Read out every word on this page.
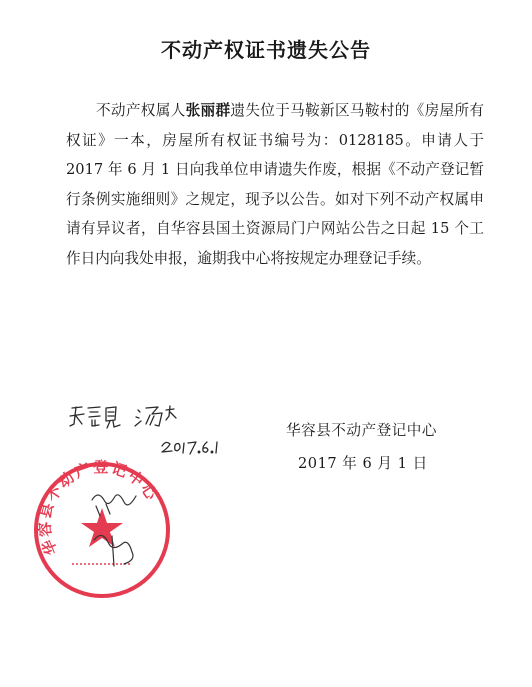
不动产权证书遗失公告
不动产权属人张丽群遗失位于马鞍新区马鞍村的《房屋所有权证》一本，房屋所有权证书编号为：0128185。申请人于 2017 年 6 月 1 日向我单位申请遗失作废，根据《不动产登记暂行条例实施细则》之规定，现予以公告。如对下列不动产权属申请有异议者，自华容县国土资源局门户网站公告之日起 15 个工作日内向我处申报，逾期我中心将按规定办理登记手续。
华容县不动产登记中心
华容县不动产登记中心
2017 年 6 月 1 日
